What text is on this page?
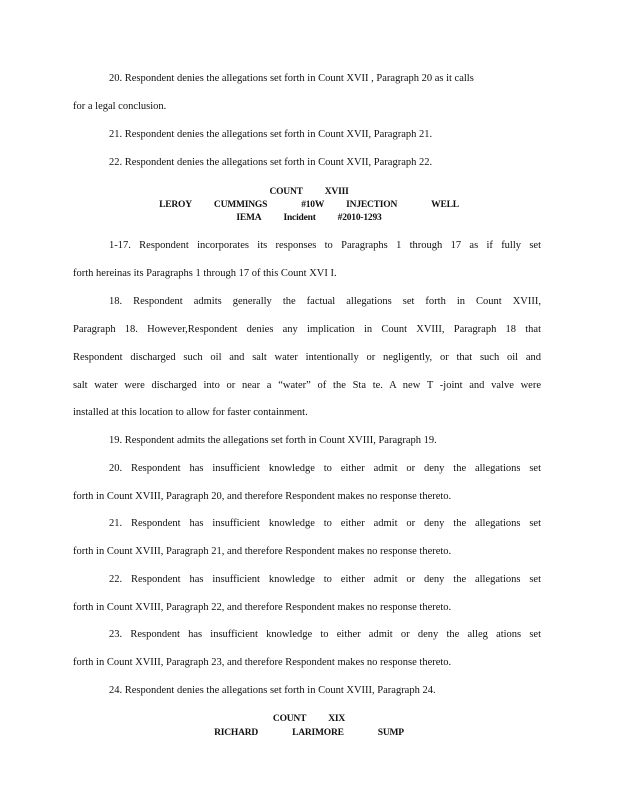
20. Respondent denies the allegations set forth in Count XVII , Paragraph 20 as it calls
for a legal conclusion.
21. Respondent denies the allegations set forth in Count XVII, Paragraph 21.
22. Respondent denies the allegations set forth in Count XVII, Paragraph 22.
COUNT XVIII
LEROY CUMMINGS	#10W INJECTION	WELL
IEMA Incident #2010-1293
1-17. Respondent incorporates its responses to Paragraphs 1 through 17 as if fully set
forth hereinas its Paragraphs 1 through 17 of this Count XVI I.
18. Respondent admits generally the factual allegations set forth in Count XVIII,
Paragraph 18. However,Respondent denies any implication in Count XVIII, Paragraph 18 that
Respondent discharged such oil and salt water intentionally or negligently, or that such oil and
salt water were discharged into or near a “water” of the Sta te. A new T -joint and valve were
installed at this location to allow for faster containment.
19. Respondent admits the allegations set forth in Count XVIII, Paragraph 19.
20. Respondent has insufficient knowledge to either admit or deny the allegations set
forth in Count XVIII, Paragraph 20, and therefore Respondent makes no response thereto.
21. Respondent has insufficient knowledge to either admit or deny the allegations set
forth in Count XVIII, Paragraph 21, and therefore Respondent makes no response thereto.
22. Respondent has insufficient knowledge to either admit or deny the allegations set
forth in Count XVIII, Paragraph 22, and therefore Respondent makes no response thereto.
23. Respondent has insufficient knowledge to either admit or deny the alleg ations set
forth in Count XVIII, Paragraph 23, and therefore Respondent makes no response thereto.
24. Respondent denies the allegations set forth in Count XVIII, Paragraph 24.
COUNT XIX
RICHARD	LARIMORE	SUMP
